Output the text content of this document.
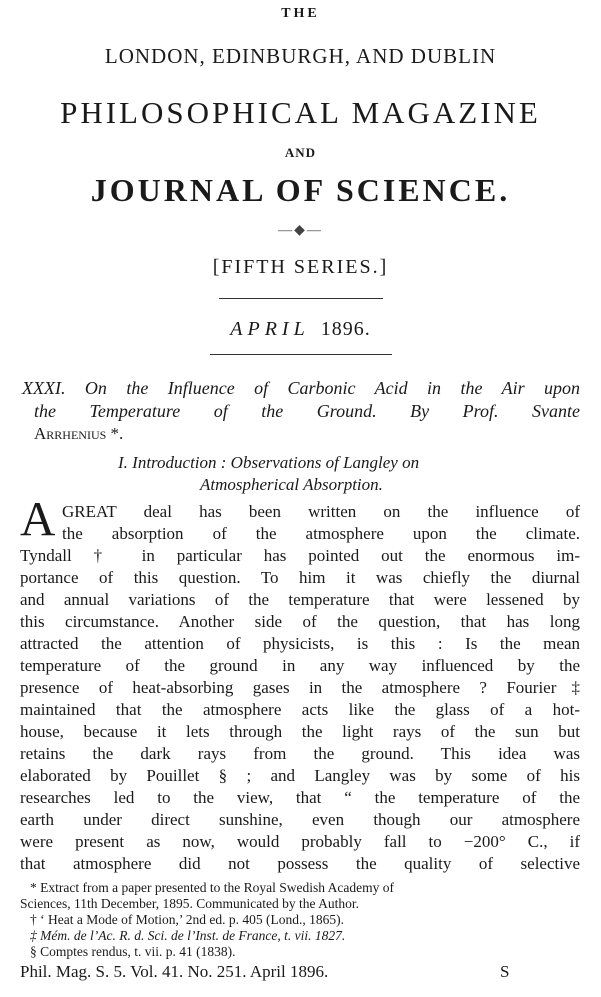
THE
LONDON, EDINBURGH, AND DUBLIN
PHILOSOPHICAL MAGAZINE
AND
JOURNAL OF SCIENCE.
—◆—
[FIFTH SERIES.]
APRIL 1896.
XXXI. On the Influence of Carbonic Acid in the Air upon
the Temperature of the Ground. By Prof. Svante
Arrhenius *.
I. Introduction : Observations of Langley on
Atmospherical Absorption.
A GREAT deal has been written on the influence of
the absorption of the atmosphere upon the climate.
Tyndall † in particular has pointed out the enormous im-
portance of this question. To him it was chiefly the diurnal
and annual variations of the temperature that were lessened by
this circumstance. Another side of the question, that has long
attracted the attention of physicists, is this : Is the mean
temperature of the ground in any way influenced by the
presence of heat-absorbing gases in the atmosphere ? Fourier‡
maintained that the atmosphere acts like the glass of a hot-
house, because it lets through the light rays of the sun but
retains the dark rays from the ground. This idea was
elaborated by Pouillet § ; and Langley was by some of his
researches led to the view, that “ the temperature of the
earth under direct sunshine, even though our atmosphere
were present as now, would probably fall to −200° C., if
that atmosphere did not possess the quality of selective
* Extract from a paper presented to the Royal Swedish Academy of
Sciences, 11th December, 1895. Communicated by the Author.
† ‘ Heat a Mode of Motion,’ 2nd ed. p. 405 (Lond., 1865).
‡ Mém. de l’Ac. R. d. Sci. de l’Inst. de France, t. vii. 1827.
§ Comptes rendus, t. vii. p. 41 (1838).
Phil. Mag. S. 5. Vol. 41. No. 251. April 1896.	S
